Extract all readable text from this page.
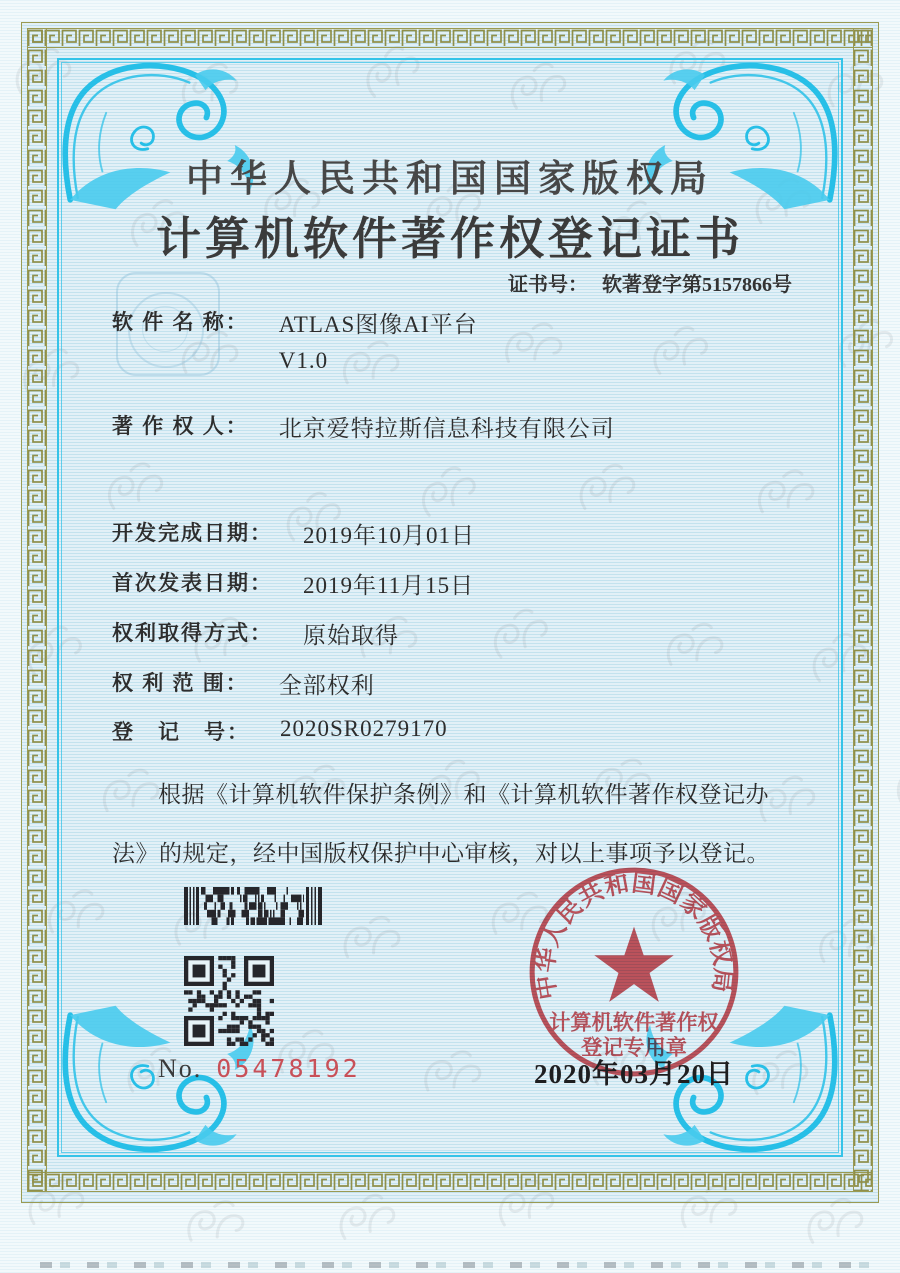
中华人民共和国国家版权局
计算机软件著作权登记证书
证书号： 软著登字第5157866号
软 件 名 称： ATLAS图像AI平台
V1.0
著 作 权 人： 北京爱特拉斯信息科技有限公司
开发完成日期： 2019年10月01日
首次发表日期： 2019年11月15日
权利取得方式： 原始取得
权 利 范 围： 全部权利
登　记　号： 2020SR0279170
根据《计算机软件保护条例》和《计算机软件著作权登记办法》的规定，经中国版权保护中心审核，对以上事项予以登记。
No. 05478192
中华人民共和国国家版权局
计算机软件著作权
登记专用章
2020年03月20日
